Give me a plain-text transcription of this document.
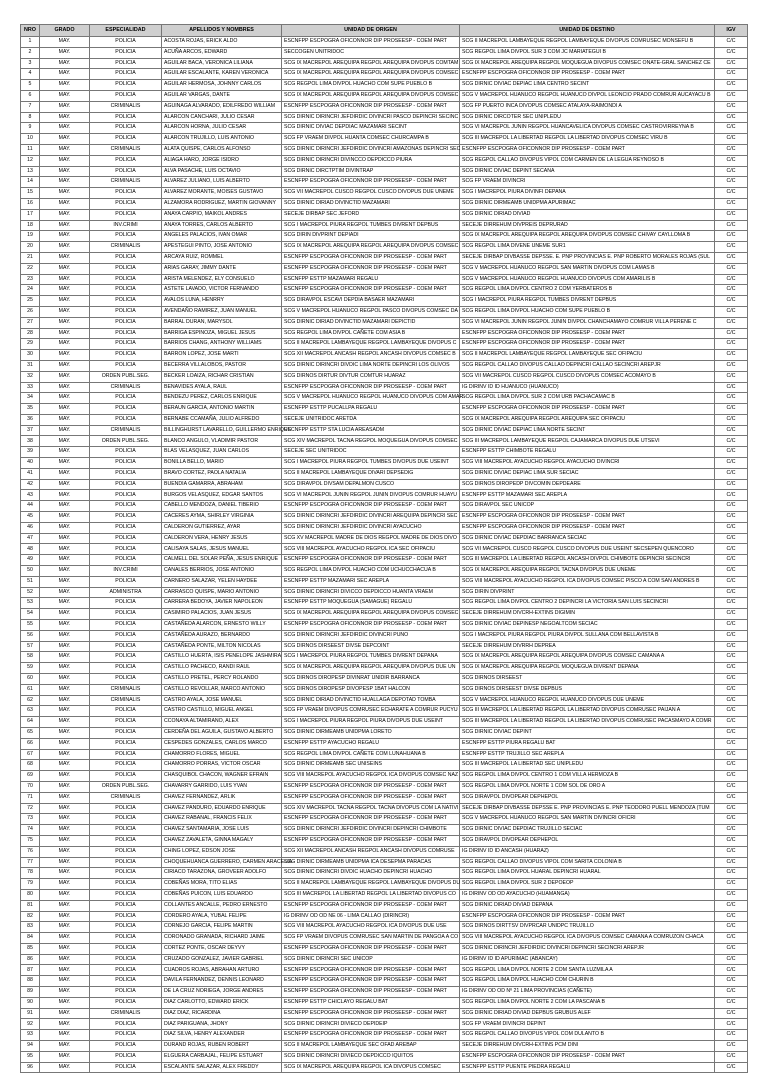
NRO	GRADO	ESPECIALIDAD	APELLIDOS Y NOMBRES	UNIDAD DE ORIGEN	UNIDAD DE DESTINO	IGV
1	MAY.	POLICIA	ACOSTA ROJAS, ERICK ALDO	ESCNFPP ESCPOGRA OFICONNOR DIP PROSEESP - COEM PART	SCG II MACREPOL LAMBAYEQUE REGPOL LAMBAYEQUE DIVOPUS COMRUSEC MONSEFU B	C/C
2	MAY.	POLICIA	ACUÑA ARCOS, EDWARD	SECCOGEN UNITRIDOC	SCG REGPOL LIMA DIVPOL SUR 3 COM JC MARIATEGUI B	C/C
3	MAY.	POLICIA	AGUILAR BACA, VERONICA LILIANA	SCG IX MACREPOL AREQUIPA REGPOL AREQUIPA DIVOPUS COMTAM	SCG IX MACREPOL AREQUIPA REGPOL MOQUEGUA DIVOPUS COMSEC ONATE-GRAL SANCHEZ CE	C/C
4	MAY.	POLICIA	AGUILAR ESCALANTE, KAREN VERONICA	SCG IX MACREPOL AREQUIPA REGPOL AREQUIPA DIVOPUS COMSEC	ESCNFPP ESCPOGRA OFICONNOR DIP PROSEESP - COEM PART	C/C
5	MAY.	POLICIA	AGUILAR HERMOSA, JOHNNY CARLOS	SCG REGPOL LIMA DIVPOL HUACHO COM SUPE PUEBLO B	SCG DIRNIC DIVIAC DEPIAC LIMA CENTRO SECINT	C/C
6	MAY.	POLICIA	AGUILAR VARGAS, DANTE	SCG IX MACREPOL AREQUIPA REGPOL AREQUIPA DIVOPUS COMSEC	SCG V MACREPOL HUANUCO REGPOL HUANUCO DIVPOL LEONCIO PRADO COMRUR AUCAYACU B	C/C
7	MAY.	CRIMINALIS	AGUINAGA ALVARADO, EDILFREDO WILLIAM	ESCNFPP ESCPOGRA OFICONNOR DIP PROSEESP - COEM PART	SCG FP PUERTO INCA DIVOPUS COMSEC ATALAYA-RAIMONDI A	C/C
8	MAY.	POLICIA	ALARCON CANCHARI, JULIO CESAR	SCG DIRNIC DIRINCRI JEFDIRDIC DIVINCRI PASCO DEPINCRI SECINC	SCG DIRNIC DIRCOTER SEC UNIPLEDU	C/C
9	MAY.	POLICIA	ALARCON HORNA, JULIO CESAR	SCG DIRNIC DIVIAC DEPDIAC MAZAMARI SECINT	SCG VI MACREPOL JUNIN REGPOL HUANCAVELICA DIVOPUS COMSEC CASTROVIRREYNA B	C/C
10	MAY.	POLICIA	ALARCON TRUJILLO, LUIS ANTONIO	SCG FP VRAEM DIVPOL HUANTA COMSEC CHURCAMPA B	SCG III MACREPOL LA LIBERTAD REGPOL LA LIBERTAD DIVOPUS COMSEC VIRU B	C/C
11	MAY.	CRIMINALIS	ALATA QUISPE, CARLOS ALFONSO	SCG DIRNIC DIRINCRI JEFDIRDIC DIVINCRI AMAZONAS DEPINCRI SEC	ESCNFPP ESCPOGRA OFICONNOR DIP PROSEESP - COEM PART	C/C
12	MAY.	POLICIA	ALIAGA HARO, JORGE ISIDRO	SCG DIRNIC DIRINCRI DIVINCCO DEPDICCO PIURA	SCG REGPOL CALLAO DIVOPUS VIPOL COM CARMEN DE LA LEGUA REYNOSO B	C/C
13	MAY.	POLICIA	ALVA PASACHE, LUIS OCTAVIO	SCG DIRNIC DIRCTPTIM DIVINTRAP	SCG DIRNIC DIVIAC DEPINT SECANA	C/C
14	MAY.	CRIMINALIS	ALVAREZ JULIANO, LUIS ALBERTO	ESCNFPP ESCPOGRA OFICONNOR DIP PROSEESP - COEM PART	SCG FP VRAEM DIVINCRI	C/C
15	MAY.	POLICIA	ALVAREZ MORANTE, MOISES GUSTAVO	SCG VII MACREPOL CUSCO REGPOL CUSCO DIVOPUS DUE UNEME	SCG I MACREPOL PIURA DIVINFI DEPANA	C/C
16	MAY.	POLICIA	ALZAMORA RODRIGUEZ, MARTIN GIOVANNY	SCG DIRNIC DIRIAD DIVINCTID MAZAMARI	SCG DIRNIC DIRMEAMB UNIDPMA APURIMAC	C/C
17	MAY.	POLICIA	ANAYA CARPIO, MAIKOL ANDRES	SECEJE DIRBAP SEC JEFORD	SCG DIRNIC DIRIAD DIVIAD	C/C
18	MAY.	INV.CRIMI	ANAYA TORRES, CARLOS ALBERTO	SCG I MACREPOL PIURA REGPOL TUMBES DIVRENT DEPBUS	SECEJE DIRREHUM DIVPREIS DEPRURAD	C/C
19	MAY.	POLICIA	ANGELES PALACIOS, IVAN OMAR	SCG DIRIN DIVPRINT DEPIADI	SCG IX MACREPOL AREQUIPA REGPOL AREQUIPA DIVOPUS COMSEC CHIVAY CAYLLOMA B	C/C
20	MAY.	CRIMINALIS	APESTEGUI PINTO, JOSE ANTONIO	SCG IX MACREPOL AREQUIPA REGPOL AREQUIPA DIVOPUS COMSEC	SCG REGPOL LIMA DIVENE UNEME SUR1	C/C
21	MAY.	POLICIA	ARCAYA RUIZ, ROMMEL	ESCNFPP ESCPOGRA OFICONNOR DIP PROSEESP - COEM PART	SECEJE DIRBAP DIVBASSE DEPSSE. E. PNP PROVINCIAS E. PNP ROBERTO MORALES ROJAS (SUL	C/C
22	MAY.	POLICIA	ARIAS GARAY, JIMMY DANTE	ESCNFPP ESCPOGRA OFICONNOR DIP PROSEESP - COEM PART	SCG V MACREPOL HUANUCO REGPOL SAN MARTIN DIVOPUS COM LAMAS B	C/C
23	MAY.	POLICIA	ARISTA MELENDEZ, ELY CONSUELO	ESCNFPP ESTTP MAZAMARI REGALU	SCG V MACREPOL HUANUCO REGPOL HUANUCO DIVOPUS COM AMARILIS B	C/C
24	MAY.	POLICIA	ASTETE LAVADO, VICTOR FERNANDO	ESCNFPP ESCPOGRA OFICONNOR DIP PROSEESP - COEM PART	SCG REGPOL LIMA DIVPOL CENTRO 2 COM YERBATEROS B	C/C
25	MAY.	POLICIA	AVALOS LUNA, HENRRY	SCG DIRAVPOL ESCAVI DEPDIA BASAER MAZAMARI	SCG I MACREPOL PIURA REGPOL TUMBES DIVRENT DEPBUS	C/C
26	MAY.	POLICIA	AVENDAÑO RAMIREZ, JUAN MANUEL	SCG V MACREPOL HUANUCO REGPOL PASCO DIVOPUS COMSEC DA	SCG REGPOL LIMA DIVPOL HUACHO COM SUPE PUEBLO B	C/C
27	MAY.	POLICIA	BARRAL DURAN, MARYSOL	SCG DIRNIC DIRIAD DIVINCTID MAZAMARI DEPICTID	SCG VI MACREPOL JUNIN REGPOL JUNIN DIVPOL CHANCHAMAYO COMRUR VILLA PERENE C	C/C
28	MAY.	POLICIA	BARRIGA ESPINOZA, MIGUEL JESUS	SCG REGPOL LIMA DIVPOL CAÑETE COM ASIA B	ESCNFPP ESCPOGRA OFICONNOR DIP PROSEESP - COEM PART	C/C
29	MAY.	POLICIA	BARRIOS CHANG, ANTHONY WILLIAMS	SCG II MACREPOL LAMBAYEQUE REGPOL LAMBAYEQUE DIVOPUS C	ESCNFPP ESCPOGRA OFICONNOR DIP PROSEESP - COEM PART	C/C
30	MAY.	POLICIA	BARRON LOPEZ, JOSE MARTI	SCG XII MACREPOL ANCASH REGPOL ANCASH DIVOPUS COMSEC B	SCG II MACREPOL LAMBAYEQUE REGPOL LAMBAYEQUE SEC OFIPACIU	C/C
31	MAY.	POLICIA	BECERRA VILLALOBOS, PASTOR	SCG DIRNIC DIRINCRI DIVDIC LIMA NORTE DEPINCRI LOS OLIVOS	SCG REGPOL CALLAO DIVOPUS CALLAO DEPINCRI CALLAO SECINCRI AREPJR	C/C
32	MAY.	ORDEN PUBL.SEG.	BECKER LOAIZA, RICHAR CRISTIAN	SCG DIRNOS DIRTUR DIVTUR COMTUR HUARAZ	SCG VII MACREPOL CUSCO REGPOL CUSCO DIVOPUS COMSEC ACOMAYO B	C/C
33	MAY.	CRIMINALIS	BENAVIDES AYALA, RAUL	ESCNFPP ESCPOGRA OFICONNOR DIP PROSEESP - COEM PART	IG DIRINV ID ID HUANUCO (HUANUCO)	C/C
34	MAY.	POLICIA	BENDEZU PEREZ, CARLOS ENRIQUE	SCG V MACREPOL HUANUCO REGPOL HUANUCO DIVOPUS COM AMAR	SCG REGPOL LIMA DIVPOL SUR 2 COM URB PACHACAMAC B	C/C
35	MAY.	POLICIA	BERAUN GARCIA, ANTONIO MARTIN	ESCNFPP ESTTP PUCALLPA REGALU	ESCNFPP ESCPOGRA OFICONNOR DIP PROSEESP - COEM PART	C/C
36	MAY.	POLICIA	BERNABE CCAMAÑA, JULIO ALFREDO	SECEJE UNITRIDOC ARETDA	SCG IX MACREPOL AREQUIPA REGPOL AREQUIPA SEC OFIPACIU	C/C
37	MAY.	CRIMINALIS	BILLINGHURST LAVARELLO, GUILLERMO ENRIQUE	ESCNFPP ESTTP STA LUCIA AREASADM	SCG DIRNIC DIVIAC DEPIAC LIMA NORTE SECINT	C/C
38	MAY.	ORDEN PUBL.SEG.	BLANCO ANGULO, VLADIMIR PASTOR	SCG XIV MACREPOL TACNA REGPOL MOQUEGUA DIVOPUS COMSEC	SCG III MACREPOL LAMBAYEQUE REGPOL CAJAMARCA DIVOPUS DUE UTSEVI	C/C
39	MAY.	POLICIA	BLAS VELASQUEZ, JUAN CARLOS	SECEJE SEC UNITRIDOC	ESCNFPP ESTTP CHIMBOTE REGALU	C/C
40	MAY.	POLICIA	BONILLA BELLO, MARIO	SCG I MACREPOL PIURA REGPOL TUMBES DIVOPUS DUE USEINT	SCG VIII MACREPOL AYACUCHO REGPOL AYACUCHO DIVINCRI	C/C
41	MAY.	POLICIA	BRAVO CORTEZ, PAOLA NATALIA	SCG II MACREPOL LAMBAYEQUE DIVARI DEPSEDIG	SCG DIRNIC DIVIAC DEPIAC LIMA SUR SECIAC	C/C
42	MAY.	POLICIA	BUENDIA GAMARRA, ABRAHAM	SCG DIRAVPOL DIVSAM DEPALMON CUSCO	SCG DIRNOS DIROPEDP DIVCOMIN DEPDEARE	C/C
43	MAY.	POLICIA	BURGOS VELASQUEZ, EDGAR SANTOS	SCG VI MACREPOL JUNIN REGPOL JUNIN DIVOPUS COMRUR HUAYU	ESCNFPP ESTTP MAZAMARI SEC AREPLA	C/C
44	MAY.	POLICIA	CABELLO MENDOZA, DANIEL TIBERIO	ESCNFPP ESCPOGRA OFICONNOR DIP PROSEESP - COEM PART	SCG DIRAVPOL SEC UNICOP	C/C
45	MAY.	POLICIA	CACERES AYMA, SHIRLEY VIRGINIA	SCG DIRNIC DIRINCRI JEFDIRDIC DIVINCRI AREQUIPA DEPINCRI SEC	ESCNFPP ESCPOGRA OFICONNOR DIP PROSEESP - COEM PART	C/C
46	MAY.	POLICIA	CALDERON GUTIERREZ, AYAR	SCG DIRNIC DIRINCRI JEFDIRDIC DIVINCRI AYACUCHO	ESCNFPP ESCPOGRA OFICONNOR DIP PROSEESP - COEM PART	C/C
47	MAY.	POLICIA	CALDERON VERA, HENRY JESUS	SCG XV MACREPOL MADRE DE DIOS REGPOL MADRE DE DIOS DIVO	SCG DIRNIC DIVIAC DEPDIAC BARRANCA SECIAC	C/C
48	MAY.	POLICIA	CALISAYA SALAS, JESUS MANUEL	SCG VIII MACREPOL AYACUCHO REGPOL ICA SEC OFIPACIU	SCG VII MACREPOL CUSCO REGPOL CUSCO DIVOPUS DUE USEINT SECSEPEN QUENCORO	C/C
49	MAY.	POLICIA	CALMELL DEL SOLAR PEÑA, JESUS ENRIQUE	ESCNFPP ESCPOGRA OFICONNOR DIP PROSEESP - COEM PART	SCG III MACREPOL LA LIBERTAD REGPOL ANCASH DIVPOL CHIMBOTE DEPINCRI SECINCRI	C/C
50	MAY.	INV.CRIMI	CANALES BERRIOS, JOSE ANTONIO	SCG REGPOL LIMA DIVPOL HUACHO COM UCHUCCHACUA B	SCG IX MACREPOL AREQUIPA REGPOL TACNA DIVOPUS DUE UNEME	C/C
51	MAY.	POLICIA	CARNERO SALAZAR, YELEN HAYDEE	ESCNFPP ESTTP MAZAMARI SEC AREPLA	SCG VIII MACREPOL AYACUCHO REGPOL ICA DIVOPUS COMSEC PISCO A COM SAN ANDRES B	C/C
52	MAY.	ADMINISTRA	CARRASCO QUISPE, MARIO ANTONIO	SCG DIRNIC DIRINCRI DIVICCO DEPDICCO HUANTA VRAEM	SCG DIRIN DIVPRINT	C/C
53	MAY.	POLICIA	CARRERA BEDOYA, JAVIER NAPOLEON	ESCNFPP ESTTP MOQUEGUA (SAMAGUE) REGALU	SCG REGPOL LIMA DIVPOL CENTRO 2 DEPINCRI LA VICTORIA SAN LUIS SECINCRI	C/C
54	MAY.	POLICIA	CASIMIRO PALACIOS, JUAN JESUS	SCG IX MACREPOL AREQUIPA REGPOL AREQUIPA DIVOPUS COMSEC	SECEJE DIRREHUM DIVCRH-EXTINS DIGIMIN	C/C
55	MAY.	POLICIA	CASTAÑEDA ALARCON, ERNESTO WILLY	ESCNFPP ESCPOGRA OFICONNOR DIP PROSEESP - COEM PART	SCG DIRNIC DIVIAC DEPINESP NEGOALTCOM SECIAC	C/C
56	MAY.	POLICIA	CASTAÑEDA AURAZO, BERNARDO	SCG DIRNIC DIRINCRI JEFDIRDIC DIVINCRI PUNO	SCG I MACREPOL PIURA REGPOL PIURA DIVPOL SULLANA COM BELLAVISTA B	C/C
57	MAY.	POLICIA	CASTAÑEDA PONTE, MILTON NICOLAS	SCG DIRNOS DIRSEEST DIVSE DEPCOINT	SECEJE DIRREHUM DIVRRH DEPREA	C/C
58	MAY.	POLICIA	CASTILLO HUERTA, ISIS PENELOPE JASHMIRA	SCG I MACREPOL PIURA REGPOL TUMBES DIVRENT DEPANA	SCG IX MACREPOL AREQUIPA REGPOL AREQUIPA DIVOPUS COMSEC CAMANA A	C/C
59	MAY.	POLICIA	CASTILLO PACHECO, RANDI RAUL	SCG IX MACREPOL AREQUIPA REGPOL AREQUIPA DIVOPUS DUE UN	SCG IX MACREPOL AREQUIPA REGPOL MOQUEGUA DIVRENT DEPANA	C/C
60	MAY.	POLICIA	CASTILLO PRETEL, PERCY ROLANDO	SCG DIRNOS DIROPESP DIVINRAT UNIDIR BARRANCA	SCG DIRNOS DIRSEEST	C/C
61	MAY.	CRIMINALIS	CASTILLO REVOLLAR, MARCO ANTONIO	SCG DIRNOS DIROPESP DIVOPESP 1BAT HALCON	SCG DIRNOS DIRSEEST DIVSE DEPBUS	C/C
62	MAY.	CRIMINALIS	CASTRO AYALA, JOSE MANUEL	SCG DIRNIC DIRIAD DIVINCTID HUALLAGA DEPOTAD TOMBA	SCG V MACREPOL HUANUCO REGPOL HUANUCO DIVOPUS DUE UNEME	C/C
63	MAY.	POLICIA	CASTRO CASTILLO, MIGUEL ANGEL	SCG FP VRAEM DIVOPUS COMRUSEC ECHARATE A COMRUR PUCYU	SCG III MACREPOL LA LIBERTAD REGPOL LA LIBERTAD DIVOPUS COMRUSEC PAIJAN A	C/C
64	MAY.	POLICIA	CCONAYA ALTAMIRANO, ALEX	SCG I MACREPOL PIURA REGPOL PIURA DIVOPUS DUE USEINT	SCG III MACREPOL LA LIBERTAD REGPOL LA LIBERTAD DIVOPUS COMRUSEC PACASMAYO A COMR	C/C
65	MAY.	POLICIA	CERDEÑA DEL AGUILA, GUSTAVO ALBERTO	SCG DIRNIC DIRMEAMB UNIDPMA LORETO	SCG DIRNIC DIVIAC DEPINT	C/C
66	MAY.	POLICIA	CESPEDES GONZALES, CARLOS MARCO	ESCNFPP ESTTP AYACUCHO REGALU	ESCNFPP ESTTP PIURA REGALU BAT	C/C
67	MAY.	POLICIA	CHAMORRO FLORES, MIGUEL	SCG REGPOL LIMA DIVPOL CAÑETE COM LUNAHUANA B	ESCNFPP ESTTP TRUJILLO SEC AREPLA	C/C
68	MAY.	POLICIA	CHAMORRO PORRAS, VICTOR OSCAR	SCG DIRNIC DIRMEAMB SEC UNISEINS	SCG III MACREPOL LA LIBERTAD SEC UNIPLEDU	C/C
69	MAY.	POLICIA	CHASQUIBOL CHACON, WAGNER EFRAIN	SCG VIII MACREPOL AYACUCHO REGPOL ICA DIVOPUS COMSEC NAZ	SCG REGPOL LIMA DIVPOL CENTRO 1 COM VILLA HERMOZA B	C/C
70	MAY.	ORDEN PUBL.SEG.	CHAVARRY GARRIDO, LUIS YVAN	ESCNFPP ESCPOGRA OFICONNOR DIP PROSEESP - COEM PART	SCG REGPOL LIMA DIVPOL NORTE 1 COM SOL DE ORO A	C/C
71	MAY.	CRIMINALIS	CHAVEZ FERNANDEZ, ARLIK	ESCNFPP ESCPOGRA OFICONNOR DIP PROSEESP - COEM PART	SCG DIRAVPOL DIVOPEAR DEPHEPOL	C/C
72	MAY.	POLICIA	CHAVEZ PANDURO, EDUARDO ENRIQUE	SCG XIV MACREPOL TACNA REGPOL TACNA DIVOPUS COM LA NATIVI	SECEJE DIRBAP DIVBASSE DEPSSE E. PNP PROVINCIAS E. PNP TEODORO PUELL MENDOZA (TUM	C/C
73	MAY.	POLICIA	CHAVEZ RABANAL, FRANCIS FELIX	ESCNFPP ESCPOGRA OFICONNOR DIP PROSEESP - COEM PART	SCG V MACREPOL HUANUCO REGPOL SAN MARTIN DIVINCRI OFICRI	C/C
74	MAY.	POLICIA	CHAVEZ SANTAMARIA, JOSE LUIS	SCG DIRNIC DIRINCRI JEFDIRDIC DIVINCRI DEPINCRI CHIMBOTE	SCG DIRNIC DIVIAC DEPDIAC TRUJILLO SECIAC	C/C
75	MAY.	POLICIA	CHAVEZ ZAVALETA, GINNA MAGALY	ESCNFPP ESCPOGRA OFICONNOR DIP PROSEESP - COEM PART	SCG DIRAVPOL DIVOPEAR DEPHEPOL	C/C
76	MAY.	POLICIA	CHING LOPEZ, EDSON JOSE	SCG XII MACREPOL ANCASH REGPOL ANCASH DIVOPUS COMRUSE	IG DIRINV ID ID ANCASH (HUARAZ)	C/C
77	MAY.	POLICIA	CHOQUEHUANCA GUERRERO, CARMEN ARACELIA	SCG DIRNIC DIRMEAMB UNIDPMA ICA DESEPMA PARACAS	SCG REGPOL CALLAO DIVOPUS VIPOL COM SARITA COLONIA B	C/C
78	MAY.	POLICIA	CIRIACO TARAZONA, GROVEER ADOLFO	SCG DIRNIC DIRINCRI DIVDIC HUACHO DEPINCRI HUACHO	SCG REGPOL LIMA DIVPOL HUARAL DEPINCRI HUARAL	C/C
79	MAY.	POLICIA	COBEÑAS MORA, TITO ELIAS	SCG II MACREPOL LAMBAYEQUE REGPOL LAMBAYEQUE DIVOPUS DU	SCG REGPOL LIMA DIVPOL SUR 2 DEPOEOP	C/C
80	MAY.	POLICIA	COBEÑAS PUICON, LUIS EDUARDO	SCG III MACREPOL LA LIBERTAD REGPOL LA LIBERTAD DIVOPUS CO	IG DIRINV OD OD AYACUCHO (HUAMANGA)	C/C
81	MAY.	POLICIA	COLLANTES ANCALLE, PEDRO ERNESTO	ESCNFPP ESCPOGRA OFICONNOR DIP PROSEESP - COEM PART	SCG DIRNIC DIRIAD DIVIAD DEPANA	C/C
82	MAY.	POLICIA	CORDERO AYALA, YUBAL FELIPE	IG DIRINV OD OD NE 06 - LIMA CALLAO (DIRINCRI)	ESCNFPP ESCPOGRA OFICONNOR DIP PROSEESP - COEM PART	C/C
83	MAY.	POLICIA	CORNEJO GARCIA, FELIPE MARTIN	SCG VIII MACREPOL AYACUCHO REGPOL ICA DIVOPUS DUE USE	SCG DIRNOS DIRTTSV DIVPRCAR UNIDPC TRUJILLO	C/C
84	MAY.	POLICIA	CORONADO GRANADA, RICHARD JAIME	SCG FP VRAEM DIVOPUS COMRUSEC SAN MARTIN DE PANGOA A CO	SCG VIII MACREPOL AYACUCHO REGPOL ICA DIVOPUS COMSEC CAMANA A COMRUZON CHACA	C/C
85	MAY.	POLICIA	CORTEZ PONTE, OSCAR DEYVY	ESCNFPP ESCPOGRA OFICONNOR DIP PROSEESP - COEM PART	SCG DIRNIC DIRINCRI JEFDIRDIC DIVINCRI DEPINCRI SECINCRI AREPJR	C/C
86	MAY.	POLICIA	CRUZADO GONZALEZ, JAVIER GABRIEL	SCG DIRNIC DIRINCRI SEC UNICOP	IG DIRINV ID ID APURIMAC (ABANCAY)	C/C
87	MAY.	POLICIA	CUADROS ROJAS, ABRAHAN ARTURO	ESCNFPP ESCPOGRA OFICONNOR DIP PROSEESP - COEM PART	SCG REGPOL LIMA DIVPOL NORTE 2 COM SANTA LUZMILA A	C/C
88	MAY.	POLICIA	DAVILA FERNANDEZ, DENNIS LEONARD	ESCNFPP ESCPOGRA OFICONNOR DIP PROSEESP - COEM PART	SCG REGPOL LIMA DIVPOL HUACHO COM CHURIN B	C/C
89	MAY.	POLICIA	DE LA CRUZ NORIEGA, JORGE ANDRES	ESCNFPP ESCPOGRA OFICONNOR DIP PROSEESP - COEM PART	IG DIRINV OD OD Nº 21 LIMA PROVINCIAS (CAÑETE)	C/C
90	MAY.	POLICIA	DIAZ CARLOTTO, EDWARD ERICK	ESCNFPP ESTTP CHICLAYO REGALU BAT	SCG REGPOL LIMA DIVPOL NORTE 2 COM LA PASCANA B	C/C
91	MAY.	CRIMINALIS	DIAZ DIAZ, RICARDINA	ESCNFPP ESCPOGRA OFICONNOR DIP PROSEESP - COEM PART	SCG DIRNIC DIRIAD DIVIAD DEPBUS GRUBUS ALEF	C/C
92	MAY.	POLICIA	DIAZ PARIGUANA, JHONY	SCG DIRNIC DIRINCRI DIVIECO DEPIDEIP	SCG FP VRAEM DIVINCRI DEPINT	C/C
93	MAY.	POLICIA	DIAZ SILVA, HENRY ALEXANDER	ESCNFPP ESCPOGRA OFICONNOR DIP PROSEESP - COEM PART	SCG REGPOL CALLAO DIVOPUS VIPOL COM DULANTO B	C/C
94	MAY.	POLICIA	DURAND ROJAS, RUBEN ROBERT	SCG II MACREPOL LAMBAYEQUE SEC OFAD AREBAP	SECEJE DIRREHUM DIVCRH-EXTINS PCM DINI	C/C
95	MAY.	POLICIA	ELGUERA CARBAJAL, FELIPE ESTUART	SCG DIRNIC DIRINCRI DIVIECO DEPDICCO IQUITOS	ESCNFPP ESCPOGRA OFICONNOR DIP PROSEESP - COEM PART	C/C
96	MAY.	POLICIA	ESCALANTE SALAZAR, ALEX FREDDY	SCG IX MACREPOL AREQUIPA REGPOL ICA DIVOPUS COMSEC	ESCNFPP ESTTP PUENTE PIEDRA REGALU	C/C
